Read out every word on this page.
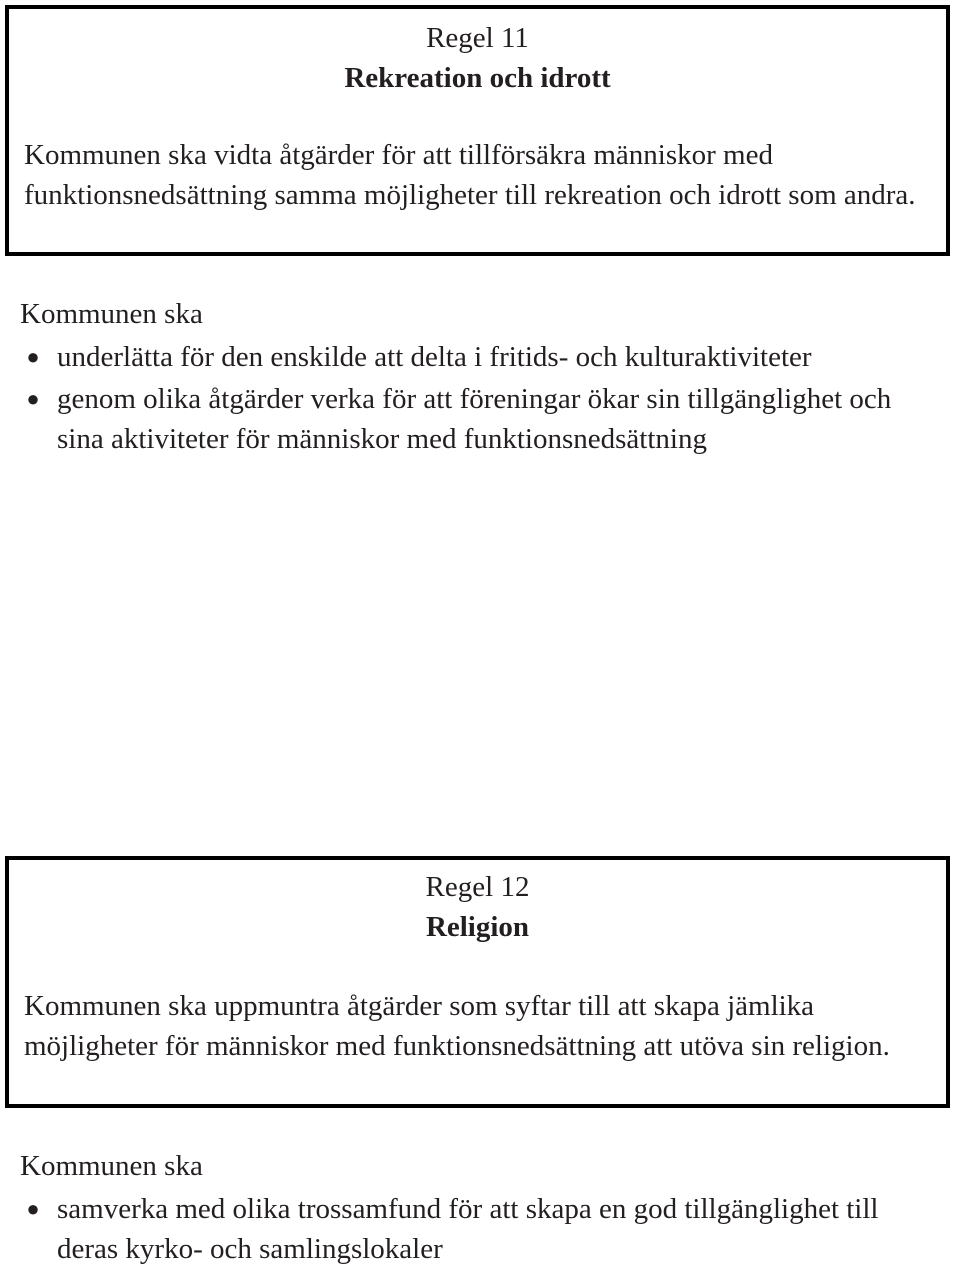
Regel 11
Rekreation och idrott

Kommunen ska vidta åtgärder för att tillförsäkra människor med funktionsnedsättning samma möjligheter till rekreation och idrott som andra.

Kommunen ska

● underlätta för den enskilde att delta i fritids- och kulturaktiviteter
● genom olika åtgärder verka för att föreningar ökar sin tillgänglighet och sina aktiviteter för människor med funktionsnedsättning
Regel 12
Religion

Kommunen ska uppmuntra åtgärder som syftar till att skapa jämlika möjligheter för människor med funktionsnedsättning att utöva sin religion.

Kommunen ska

● samverka med olika trossamfund för att skapa en god tillgänglighet till deras kyrko- och samlingslokaler
